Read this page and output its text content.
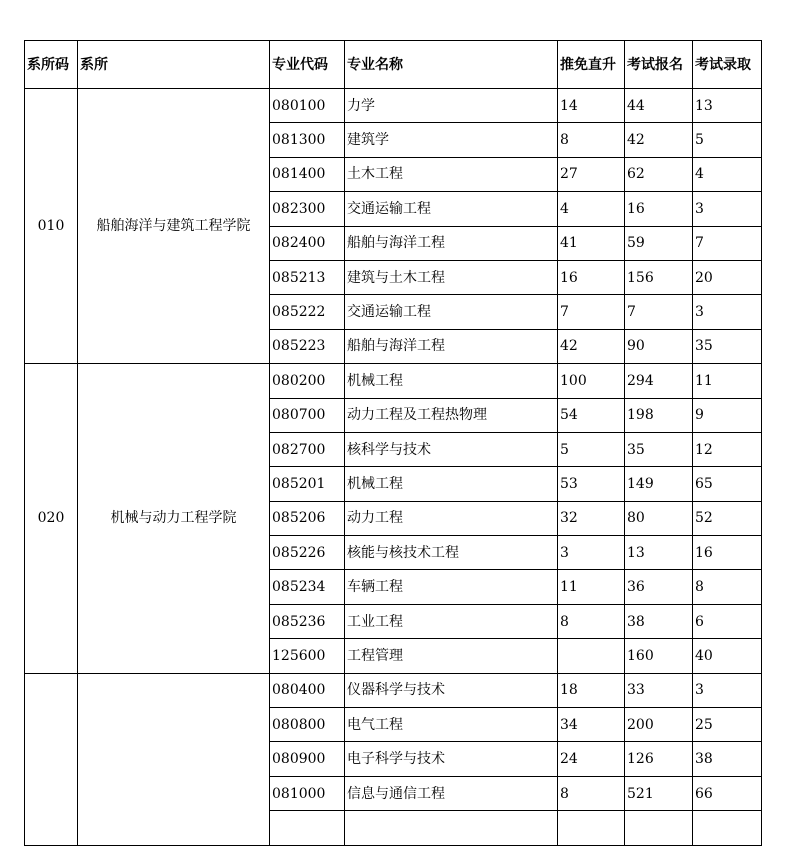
系所码	系所	专业代码	专业名称	推免直升	考试报名	考试录取
010	船舶海洋与建筑工程学院	080100	力学	14	44	13
		081300	建筑学	8	42	5
		081400	土木工程	27	62	4
		082300	交通运输工程	4	16	3
		082400	船舶与海洋工程	41	59	7
		085213	建筑与土木工程	16	156	20
		085222	交通运输工程	7	7	3
		085223	船舶与海洋工程	42	90	35
020	机械与动力工程学院	080200	机械工程	100	294	11
		080700	动力工程及工程热物理	54	198	9
		082700	核科学与技术	5	35	12
		085201	机械工程	53	149	65
		085206	动力工程	32	80	52
		085226	核能与核技术工程	3	13	16
		085234	车辆工程	11	36	8
		085236	工业工程	8	38	6
		125600	工程管理		160	40
		080400	仪器科学与技术	18	33	3
		080800	电气工程	34	200	25
		080900	电子科学与技术	24	126	38
		081000	信息与通信工程	8	521	66
